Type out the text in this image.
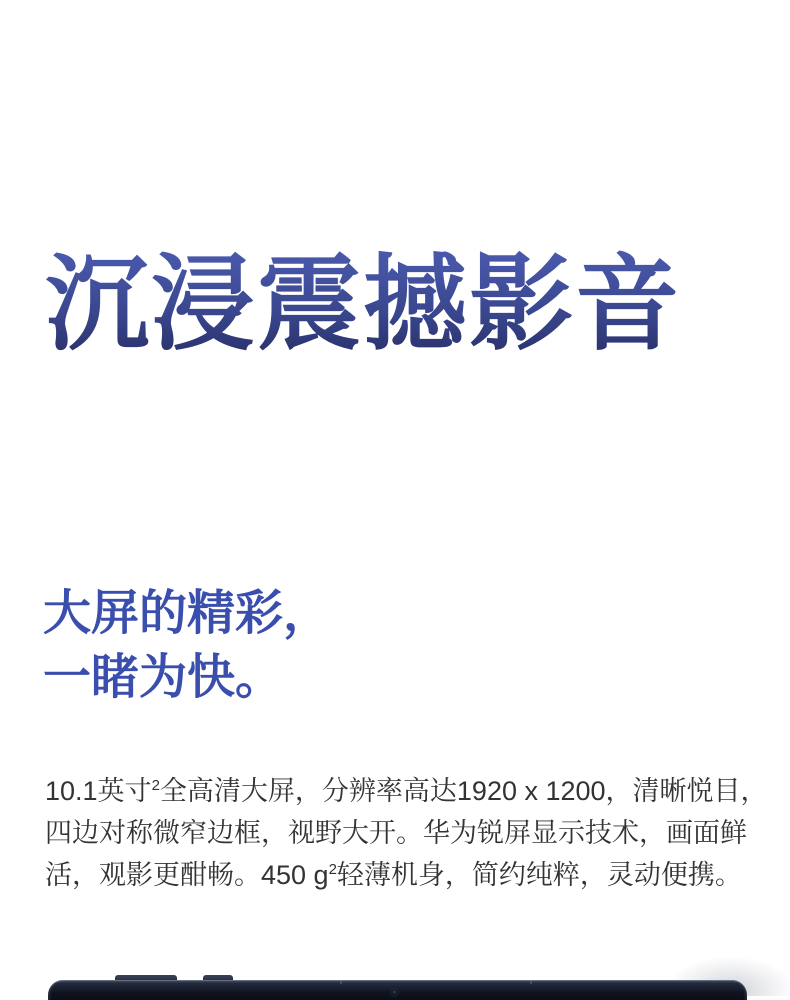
沉浸震撼影音
大屏的精彩，
一睹为快。
10.1英寸$^2$全高清大屏，分辨率高达1920 x 1200，清晰悦目，
四边对称微窄边框，视野大开。华为锐屏显示技术，画面鲜
活，观影更酣畅。450 $g^2$轻薄机身，简约纯粹，灵动便携。
